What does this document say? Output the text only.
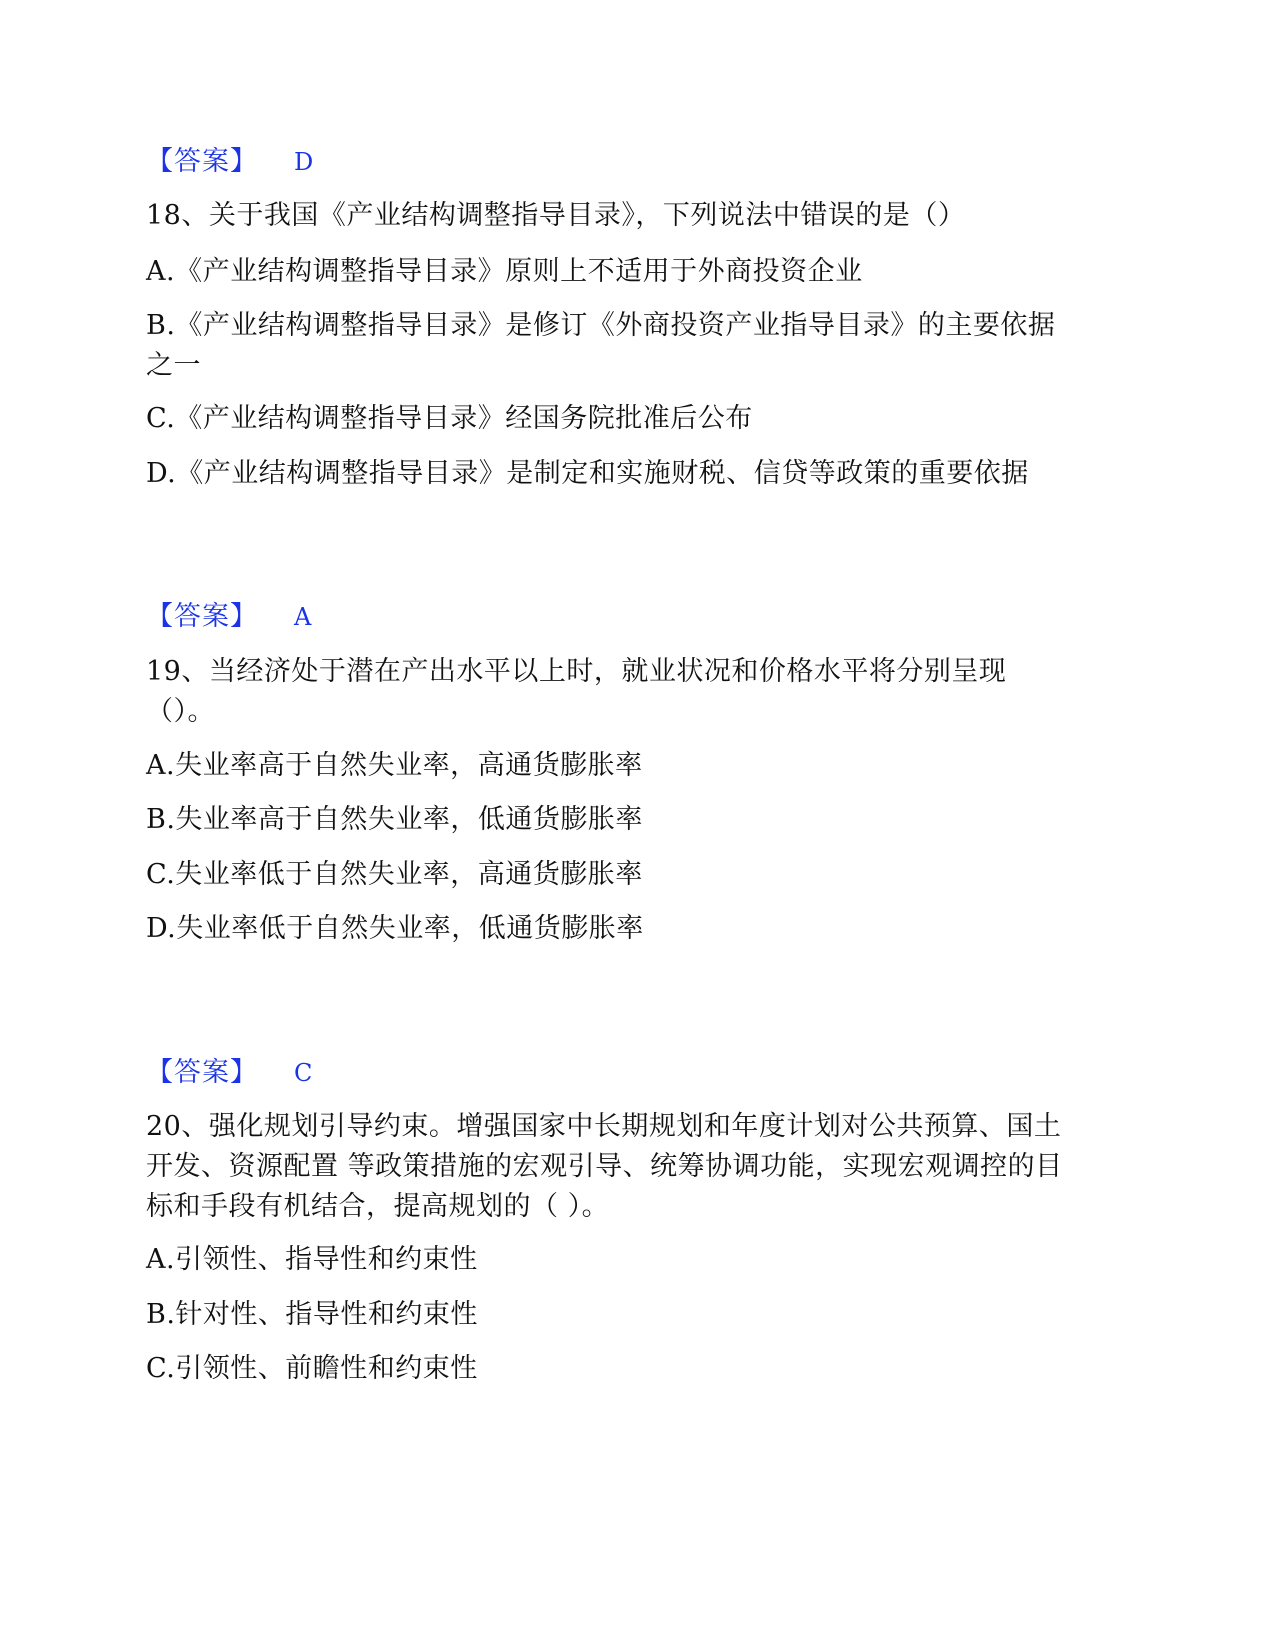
【答案】 D
18、关于我国《产业结构调整指导目录》，下列说法中错误的是（）
A.《产业结构调整指导目录》原则上不适用于外商投资企业
B.《产业结构调整指导目录》是修订《外商投资产业指导目录》的主要依据之一
C.《产业结构调整指导目录》经国务院批准后公布
D.《产业结构调整指导目录》是制定和实施财税、信贷等政策的重要依据
【答案】 A
19、当经济处于潜在产出水平以上时，就业状况和价格水平将分别呈现（）。
A.失业率高于自然失业率，高通货膨胀率
B.失业率高于自然失业率，低通货膨胀率
C.失业率低于自然失业率，高通货膨胀率
D.失业率低于自然失业率，低通货膨胀率
【答案】 C
20、强化规划引导约束。增强国家中长期规划和年度计划对公共预算、国土开发、资源配置 等政策措施的宏观引导、统筹协调功能，实现宏观调控的目标和手段有机结合，提高规划的（ ）。
A.引领性、指导性和约束性
B.针对性、指导性和约束性
C.引领性、前瞻性和约束性
